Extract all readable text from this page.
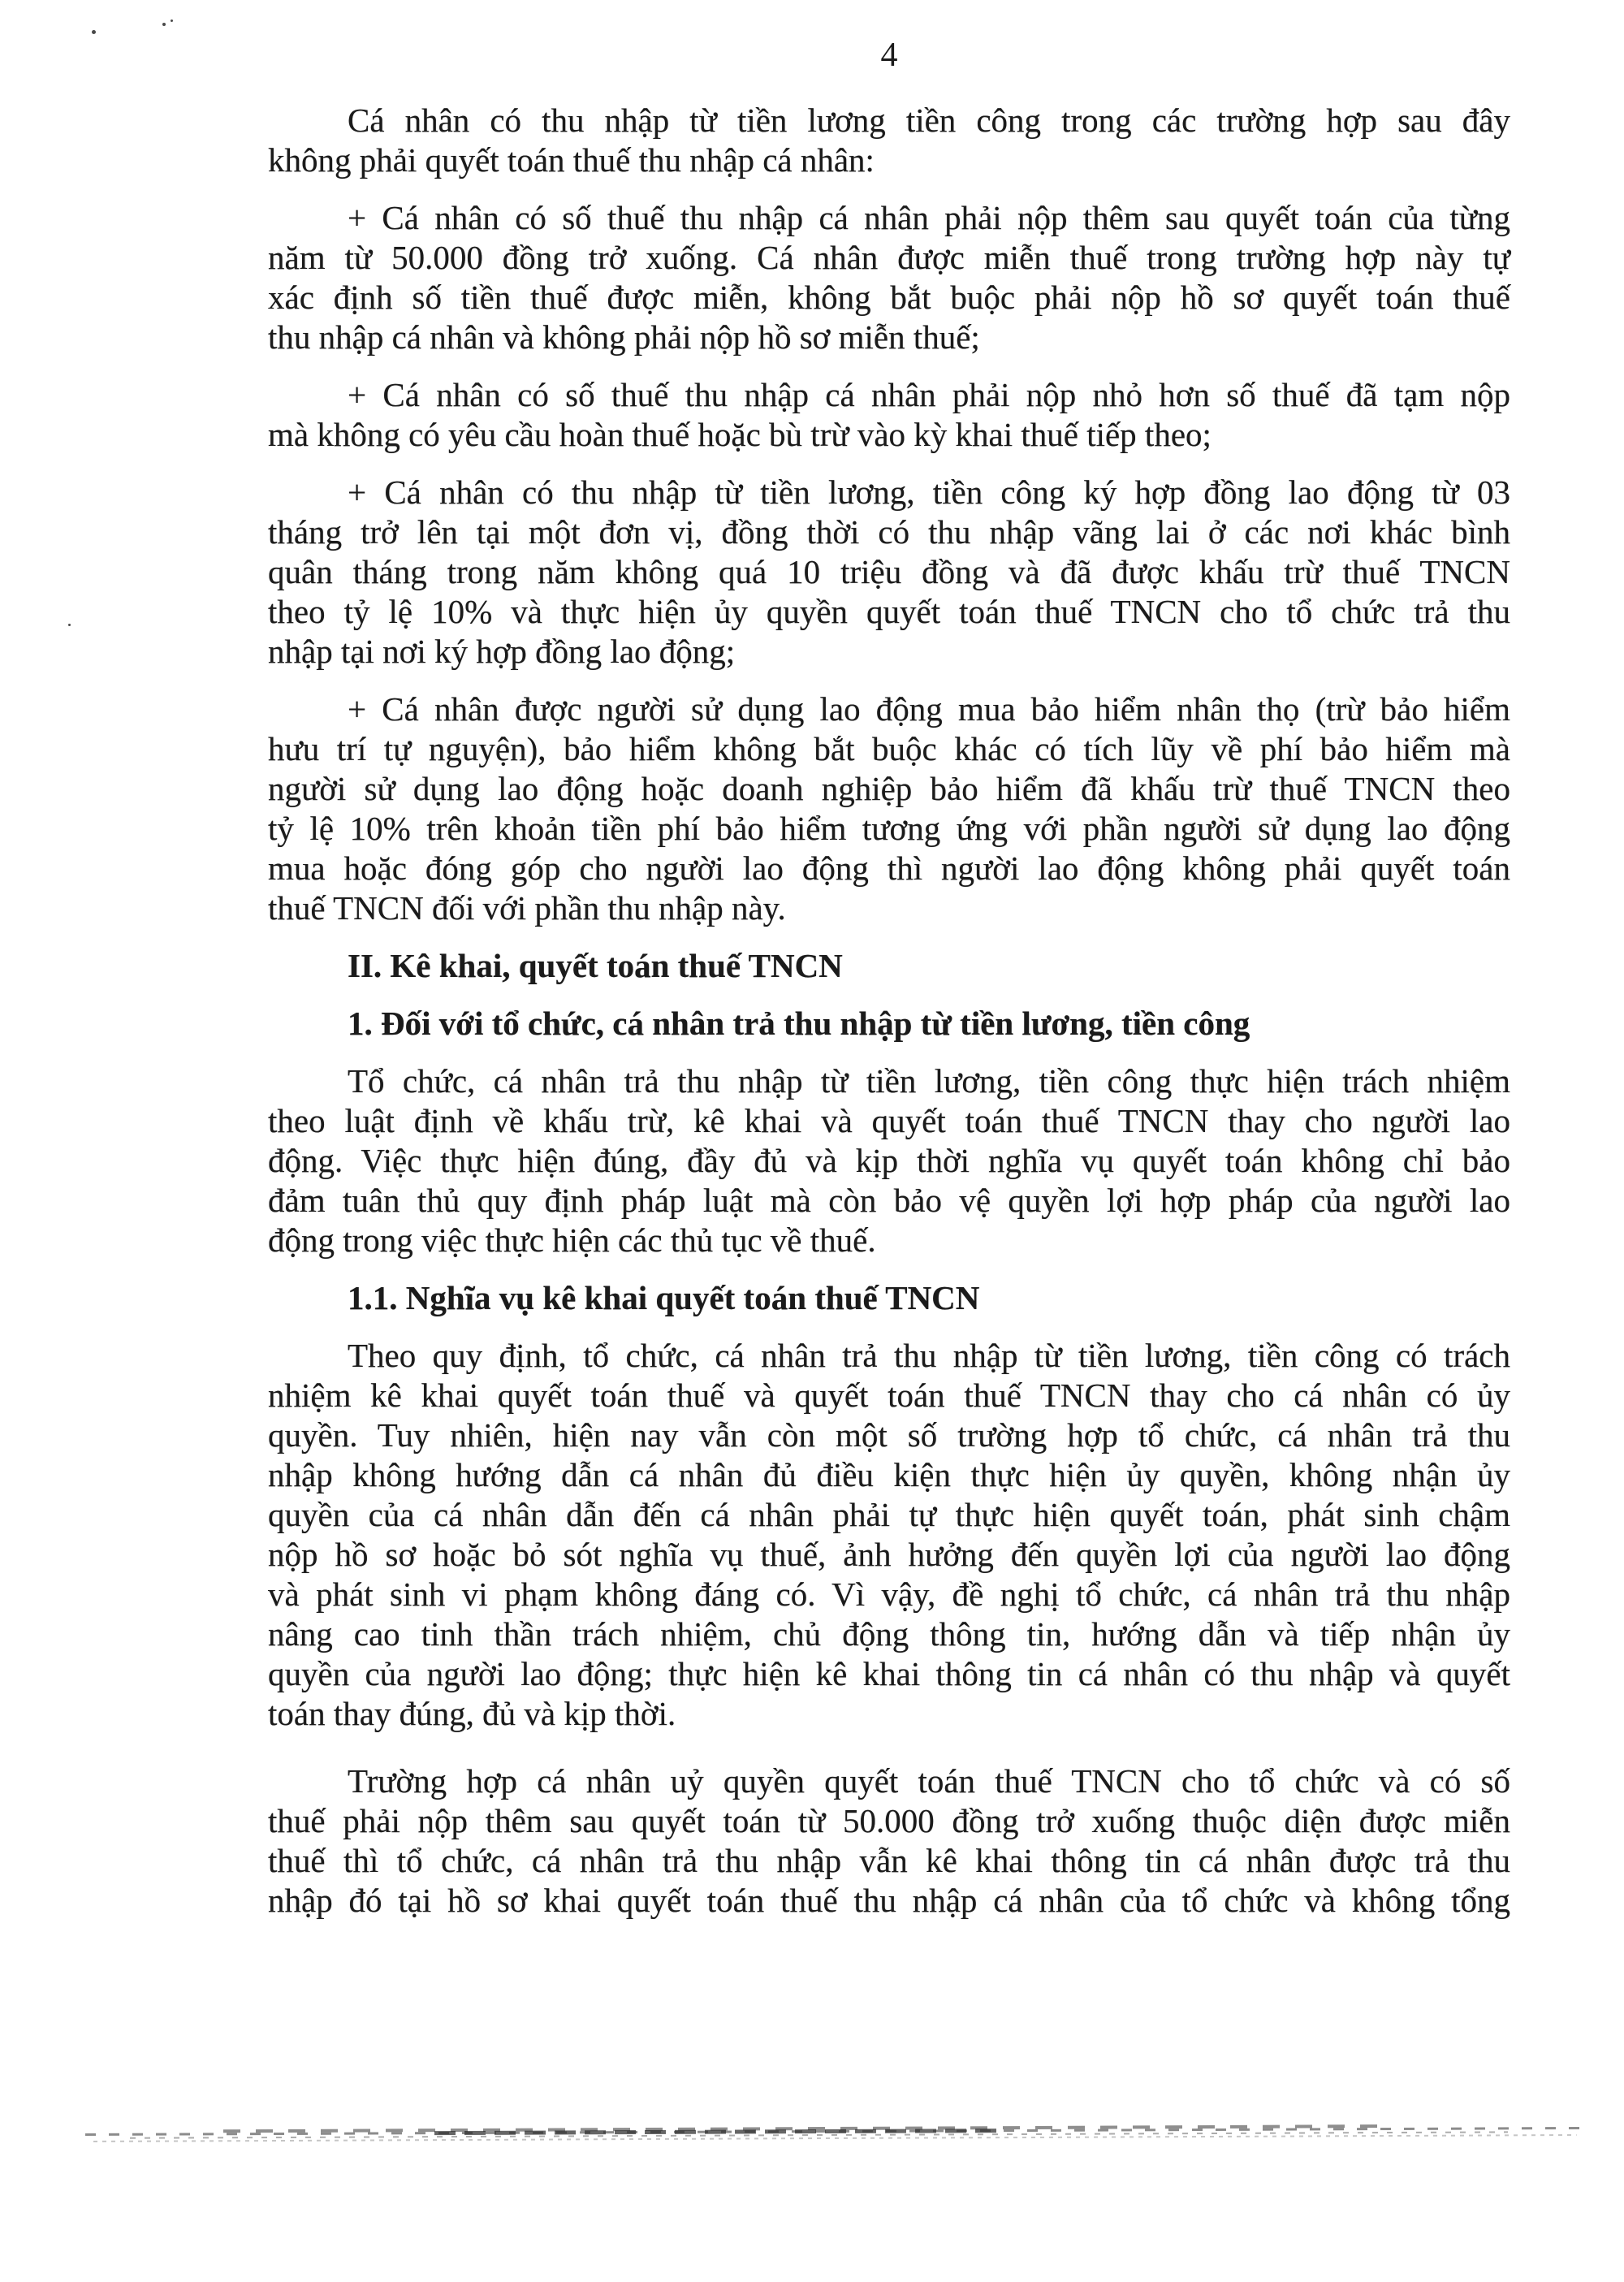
4
Cá nhân có thu nhập từ tiền lương tiền công trong các trường hợp sau đây
không phải quyết toán thuế thu nhập cá nhân:
+ Cá nhân có số thuế thu nhập cá nhân phải nộp thêm sau quyết toán của từng
năm từ 50.000 đồng trở xuống. Cá nhân được miễn thuế trong trường hợp này tự
xác định số tiền thuế được miễn, không bắt buộc phải nộp hồ sơ quyết toán thuế
thu nhập cá nhân và không phải nộp hồ sơ miễn thuế;
+ Cá nhân có số thuế thu nhập cá nhân phải nộp nhỏ hơn số thuế đã tạm nộp
mà không có yêu cầu hoàn thuế hoặc bù trừ vào kỳ khai thuế tiếp theo;
+ Cá nhân có thu nhập từ tiền lương, tiền công ký hợp đồng lao động từ 03
tháng trở lên tại một đơn vị, đồng thời có thu nhập vãng lai ở các nơi khác bình
quân tháng trong năm không quá 10 triệu đồng và đã được khấu trừ thuế TNCN
theo tỷ lệ 10% và thực hiện ủy quyền quyết toán thuế TNCN cho tổ chức trả thu
nhập tại nơi ký hợp đồng lao động;
+ Cá nhân được người sử dụng lao động mua bảo hiểm nhân thọ (trừ bảo hiểm
hưu trí tự nguyện), bảo hiểm không bắt buộc khác có tích lũy về phí bảo hiểm mà
người sử dụng lao động hoặc doanh nghiệp bảo hiểm đã khấu trừ thuế TNCN theo
tỷ lệ 10% trên khoản tiền phí bảo hiểm tương ứng với phần người sử dụng lao động
mua hoặc đóng góp cho người lao động thì người lao động không phải quyết toán
thuế TNCN đối với phần thu nhập này.
II. Kê khai, quyết toán thuế TNCN
1. Đối với tổ chức, cá nhân trả thu nhập từ tiền lương, tiền công
Tổ chức, cá nhân trả thu nhập từ tiền lương, tiền công thực hiện trách nhiệm
theo luật định về khấu trừ, kê khai và quyết toán thuế TNCN thay cho người lao
động. Việc thực hiện đúng, đầy đủ và kịp thời nghĩa vụ quyết toán không chỉ bảo
đảm tuân thủ quy định pháp luật mà còn bảo vệ quyền lợi hợp pháp của người lao
động trong việc thực hiện các thủ tục về thuế.
1.1. Nghĩa vụ kê khai quyết toán thuế TNCN
Theo quy định, tổ chức, cá nhân trả thu nhập từ tiền lương, tiền công có trách
nhiệm kê khai quyết toán thuế và quyết toán thuế TNCN thay cho cá nhân có ủy
quyền. Tuy nhiên, hiện nay vẫn còn một số trường hợp tổ chức, cá nhân trả thu
nhập không hướng dẫn cá nhân đủ điều kiện thực hiện ủy quyền, không nhận ủy
quyền của cá nhân dẫn đến cá nhân phải tự thực hiện quyết toán, phát sinh chậm
nộp hồ sơ hoặc bỏ sót nghĩa vụ thuế, ảnh hưởng đến quyền lợi của người lao động
và phát sinh vi phạm không đáng có. Vì vậy, đề nghị tổ chức, cá nhân trả thu nhập
nâng cao tinh thần trách nhiệm, chủ động thông tin, hướng dẫn và tiếp nhận ủy
quyền của người lao động; thực hiện kê khai thông tin cá nhân có thu nhập và quyết
toán thay đúng, đủ và kịp thời.
Trường hợp cá nhân uỷ quyền quyết toán thuế TNCN cho tổ chức và có số
thuế phải nộp thêm sau quyết toán từ 50.000 đồng trở xuống thuộc diện được miễn
thuế thì tổ chức, cá nhân trả thu nhập vẫn kê khai thông tin cá nhân được trả thu
nhập đó tại hồ sơ khai quyết toán thuế thu nhập cá nhân của tổ chức và không tổng
